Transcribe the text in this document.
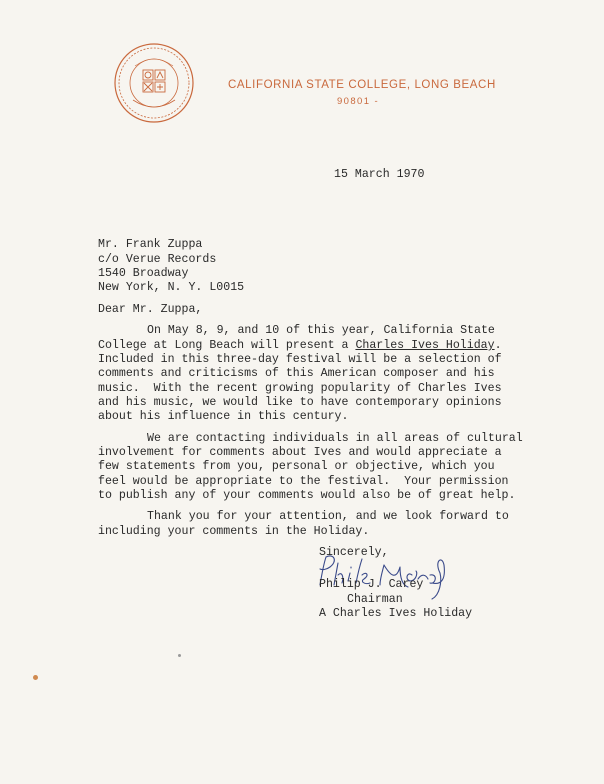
CALIFORNIA STATE COLLEGE, LONG BEACH
90801 -
15 March 1970
Mr. Frank Zuppa
c/o Verue Records
1540 Broadway
New York, N. Y. L0015
Dear Mr. Zuppa,
On May 8, 9, and 10 of this year, California State
College at Long Beach will present a Charles Ives Holiday.
Included in this three-day festival will be a selection of
comments and criticisms of this American composer and his
music.  With the recent growing popularity of Charles Ives
and his music, we would like to have contemporary opinions
about his influence in this century.
We are contacting individuals in all areas of cultural
involvement for comments about Ives and would appreciate a
few statements from you, personal or objective, which you
feel would be appropriate to the festival.  Your permission
to publish any of your comments would also be of great help.
Thank you for your attention, and we look forward to
including your comments in the Holiday.
Sincerely,
Philip J. Carey
Chairman
A Charles Ives Holiday
